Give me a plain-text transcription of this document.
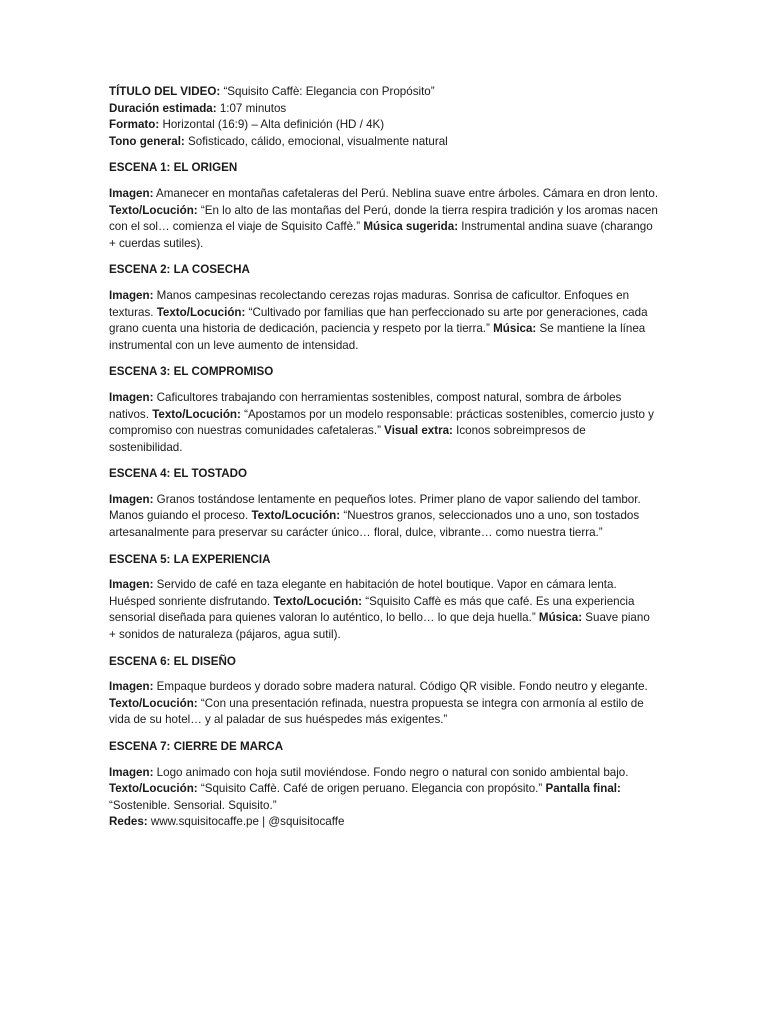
TÍTULO DEL VIDEO: “Squisito Caffè: Elegancia con Propósito”

Duración estimada: 1:07 minutos

Formato: Horizontal (16:9) – Alta definición (HD / 4K)

Tono general: Sofisticado, cálido, emocional, visualmente natural

ESCENA 1: EL ORIGEN

Imagen: Amanecer en montañas cafetaleras del Perú. Neblina suave entre árboles. Cámara en dron lento. Texto/Locución: “En lo alto de las montañas del Perú, donde la tierra respira tradición y los aromas nacen con el sol… comienza el viaje de Squisito Caffè.” Música sugerida: Instrumental andina suave (charango + cuerdas sutiles).

ESCENA 2: LA COSECHA

Imagen: Manos campesinas recolectando cerezas rojas maduras. Sonrisa de caficultor. Enfoques en texturas. Texto/Locución: “Cultivado por familias que han perfeccionado su arte por generaciones, cada grano cuenta una historia de dedicación, paciencia y respeto por la tierra.” Música: Se mantiene la línea instrumental con un leve aumento de intensidad.

ESCENA 3: EL COMPROMISO

Imagen: Caficultores trabajando con herramientas sostenibles, compost natural, sombra de árboles nativos. Texto/Locución: “Apostamos por un modelo responsable: prácticas sostenibles, comercio justo y compromiso con nuestras comunidades cafetaleras.” Visual extra: Iconos sobreimpresos de sostenibilidad.

ESCENA 4: EL TOSTADO

Imagen: Granos tostándose lentamente en pequeños lotes. Primer plano de vapor saliendo del tambor. Manos guiando el proceso. Texto/Locución: “Nuestros granos, seleccionados uno a uno, son tostados artesanalmente para preservar su carácter único… floral, dulce, vibrante… como nuestra tierra.”

ESCENA 5: LA EXPERIENCIA

Imagen: Servido de café en taza elegante en habitación de hotel boutique. Vapor en cámara lenta. Huésped sonriente disfrutando. Texto/Locución: “Squisito Caffè es más que café. Es una experiencia sensorial diseñada para quienes valoran lo auténtico, lo bello… lo que deja huella.” Música: Suave piano + sonidos de naturaleza (pájaros, agua sutil).

ESCENA 6: EL DISEÑO

Imagen: Empaque burdeos y dorado sobre madera natural. Código QR visible. Fondo neutro y elegante. Texto/Locución: “Con una presentación refinada, nuestra propuesta se integra con armonía al estilo de vida de su hotel… y al paladar de sus huéspedes más exigentes.”

ESCENA 7: CIERRE DE MARCA

Imagen: Logo animado con hoja sutil moviéndose. Fondo negro o natural con sonido ambiental bajo. Texto/Locución: “Squisito Caffè. Café de origen peruano. Elegancia con propósito.” Pantalla final: “Sostenible. Sensorial. Squisito.”

Redes: www.squisitocaffe.pe | @squisitocaffe
